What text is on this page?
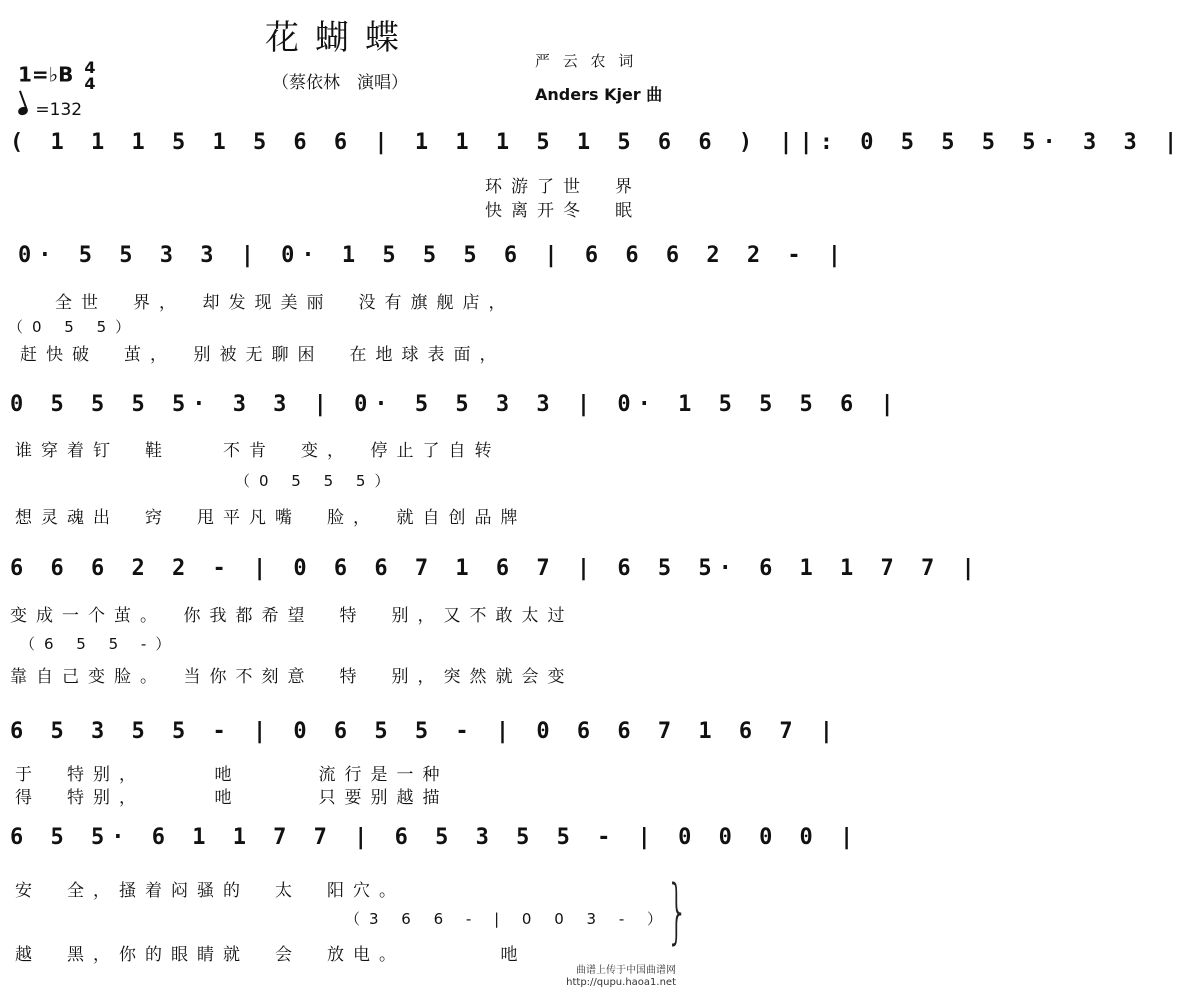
花蝴蝶
（蔡依林　演唱）
严 云 农 词
Anders Kjer 曲
1=♭B 4
4
=132
( 1 1 1 5 1 5 6 6 | 1 1 1 5 1 5 6 6 ) ||: 0 5 5 5 5· 3 3 |
环游了世　界
快离开冬　眠
0· 5 5 3 3 | 0· 1 5 5 5 6 | 6 6 6 2 2 - |
全世　界，　却发现美丽　没有旗舰店，
（0 5 5）
赶快破　茧，　别被无聊困　在地球表面，
0 5 5 5 5· 3 3 | 0· 5 5 3 3 | 0· 1 5 5 5 6 |
谁穿着钉　鞋　　不肯　变，　停止了自转
（0 5 5 5）
想灵魂出　窍　甩平凡嘴　脸，　就自创品牌
6 6 6 2 2 - | 0 6 6 7 1 6 7 | 6 5 5· 6 1 1 7 7 |
变成一个茧。　你我都希望　特　别，又不敢太过
（6 5 5 -）
靠自己变脸。　当你不刻意　特　别，突然就会变
6 5 3 5 5 - | 0 6 5 5 - | 0 6 6 7 1 6 7 |
于　特别，　　　吔　　　流行是一种
得　特别，　　　吔　　　只要别越描
6 5 5· 6 1 1 7 7 | 6 5 3 5 5 - | 0 0 0 0 |
安　全，搔着闷骚的　太　阳穴。
（3 6 6 - | 0 0 3 - ）
越　黑，你的眼睛就　会　放电。　　　　吔
}
曲谱上传于中国曲谱网
http://qupu.haoa1.net
